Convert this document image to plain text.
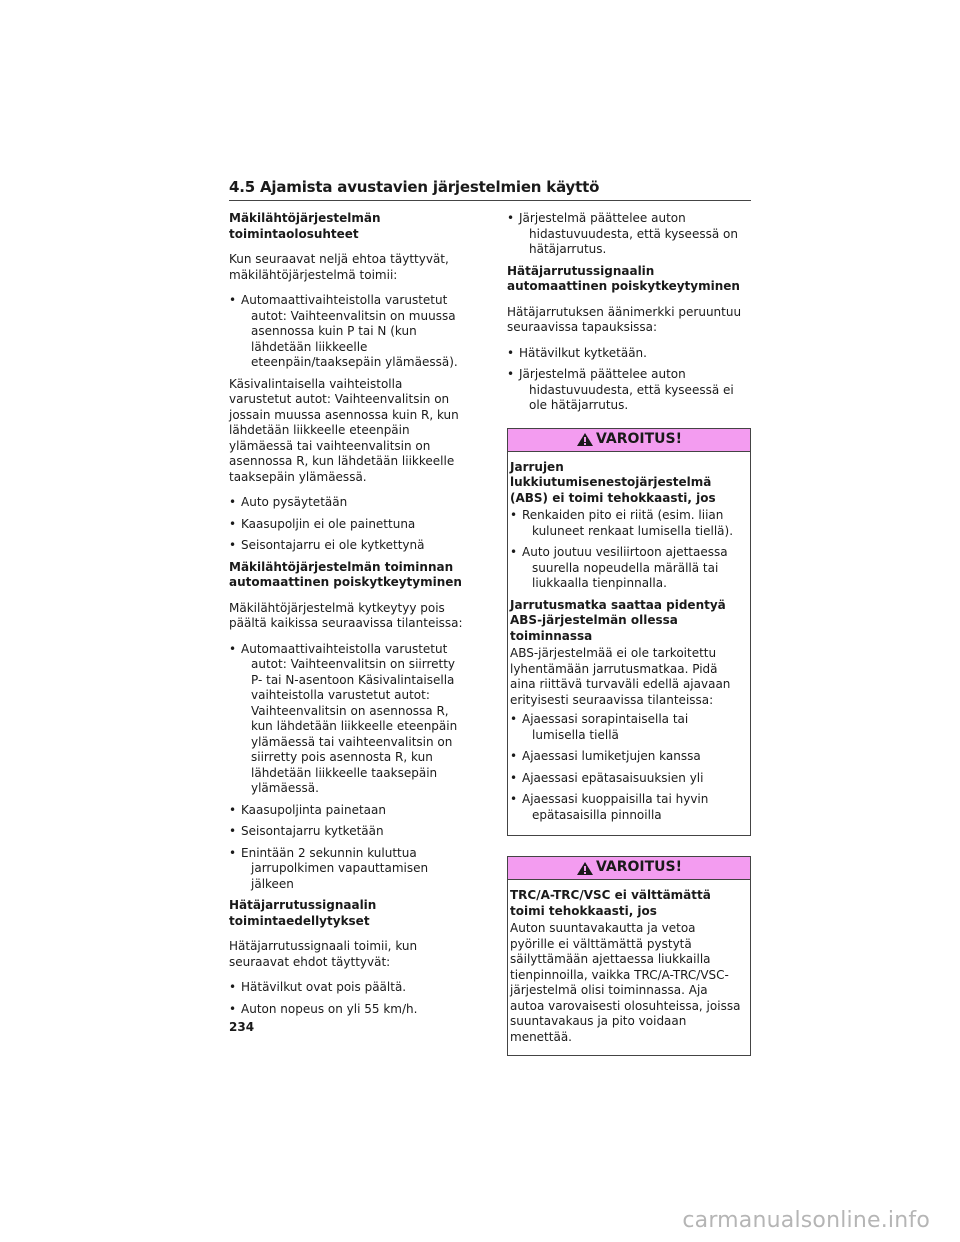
4.5 Ajamista avustavien järjestelmien käyttö
Mäkilähtöjärjestelmän toimintaolosuhteet
Kun seuraavat neljä ehtoa täyttyvät, mäkilähtöjärjestelmä toimii:
• Automaattivaihteistolla varustetut autot: Vaihteenvalitsin on muussa asennossa kuin P tai N (kun lähdetään liikkeelle eteenpäin/taaksepäin ylämäessä).
Käsivalintaisella vaihteistolla varustetut autot: Vaihteenvalitsin on jossain muussa asennossa kuin R, kun lähdetään liikkeelle eteenpäin ylämäessä tai vaihteenvalitsin on asennossa R, kun lähdetään liikkeelle taaksepäin ylämäessä.
• Auto pysäytetään
• Kaasupoljin ei ole painettuna
• Seisontajarru ei ole kytkettynä
Mäkilähtöjärjestelmän toiminnan automaattinen poiskytkeytyminen
Mäkilähtöjärjestelmä kytkeytyy pois päältä kaikissa seuraavissa tilanteissa:
• Automaattivaihteistolla varustetut autot: Vaihteenvalitsin on siirretty P- tai N-asentoon Käsivalintaisella vaihteistolla varustetut autot: Vaihteenvalitsin on asennossa R, kun lähdetään liikkeelle eteenpäin ylämäessä tai vaihteenvalitsin on siirretty pois asennosta R, kun lähdetään liikkeelle taaksepäin ylämäessä.
• Kaasupoljinta painetaan
• Seisontajarru kytketään
• Enintään 2 sekunnin kuluttua jarrupolkimen vapauttamisen jälkeen
Hätäjarrutussignaalin toimintaedellytykset
Hätäjarrutussignaali toimii, kun seuraavat ehdot täyttyvät:
• Hätävilkut ovat pois päältä.
• Auton nopeus on yli 55 km/h.
• Järjestelmä päättelee auton hidastuvuudesta, että kyseessä on hätäjarrutus.
Hätäjarrutussignaalin automaattinen poiskytkeytyminen
Hätäjarrutuksen äänimerkki peruuntuu seuraavissa tapauksissa:
• Hätävilkut kytketään.
• Järjestelmä päättelee auton hidastuvuudesta, että kyseessä ei ole hätäjarrutus.
VAROITUS!
Jarrujen lukkiutumisenestojärjestelmä (ABS) ei toimi tehokkaasti, jos
• Renkaiden pito ei riitä (esim. liian kuluneet renkaat lumisella tiellä).
• Auto joutuu vesiliirtoon ajettaessa suurella nopeudella märällä tai liukkaalla tienpinnalla.
Jarrutusmatka saattaa pidentyä ABS-järjestelmän ollessa toiminnassa
ABS-järjestelmää ei ole tarkoitettu lyhentämään jarrutusmatkaa. Pidä aina riittävä turvaväli edellä ajavaan erityisesti seuraavissa tilanteissa:
• Ajaessasi sorapintaisella tai lumisella tiellä
• Ajaessasi lumiketjujen kanssa
• Ajaessasi epätasaisuuksien yli
• Ajaessasi kuoppaisilla tai hyvin epätasaisilla pinnoilla
VAROITUS!
TRC/A-TRC/VSC ei välttämättä toimi tehokkaasti, jos
Auton suuntavakautta ja vetoa pyörille ei välttämättä pystytä säilyttämään ajettaessa liukkailla tienpinnoilla, vaikka TRC/A-TRC/VSC-järjestelmä olisi toiminnassa. Aja autoa varovaisesti olosuhteissa, joissa suuntavakaus ja pito voidaan menettää.
234
carmanualsonline.info
